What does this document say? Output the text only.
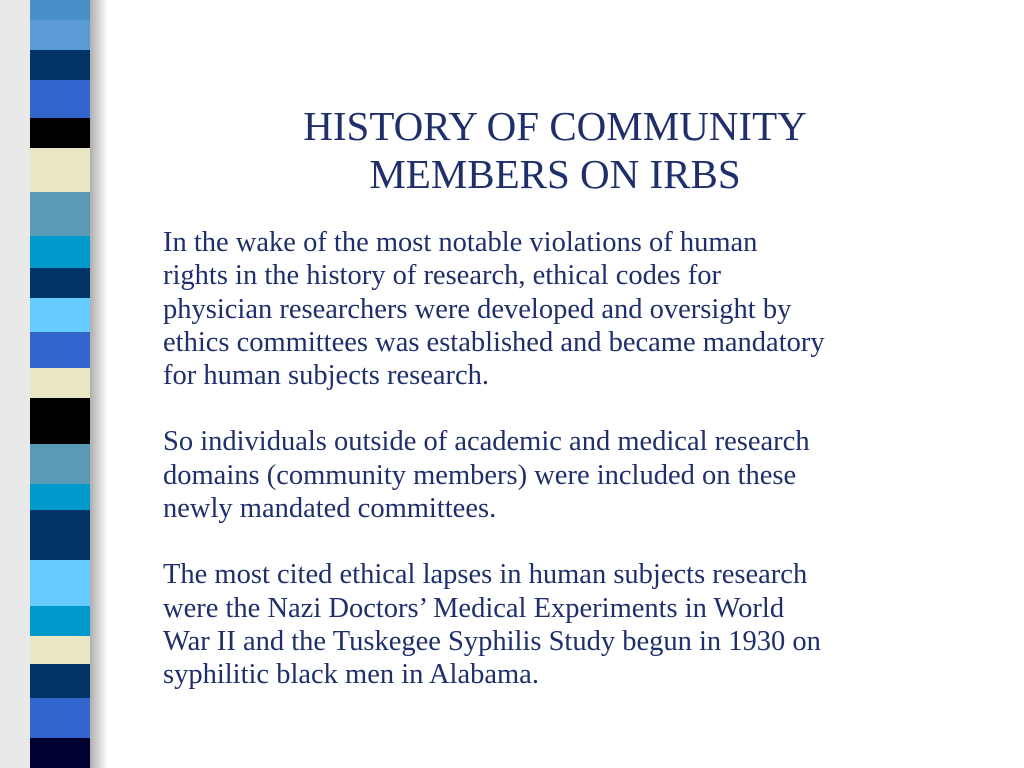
HISTORY OF COMMUNITY
MEMBERS ON IRBS

In the wake of the most notable violations of human
rights in the history of research, ethical codes for
physician researchers were developed and oversight by
ethics committees was established and became mandatory
for human subjects research.

So individuals outside of academic and medical research
domains (community members) were included on these
newly mandated committees.

The most cited ethical lapses in human subjects research
were the Nazi Doctors’ Medical Experiments in World
War II and the Tuskegee Syphilis Study begun in 1930 on
syphilitic black men in Alabama.
